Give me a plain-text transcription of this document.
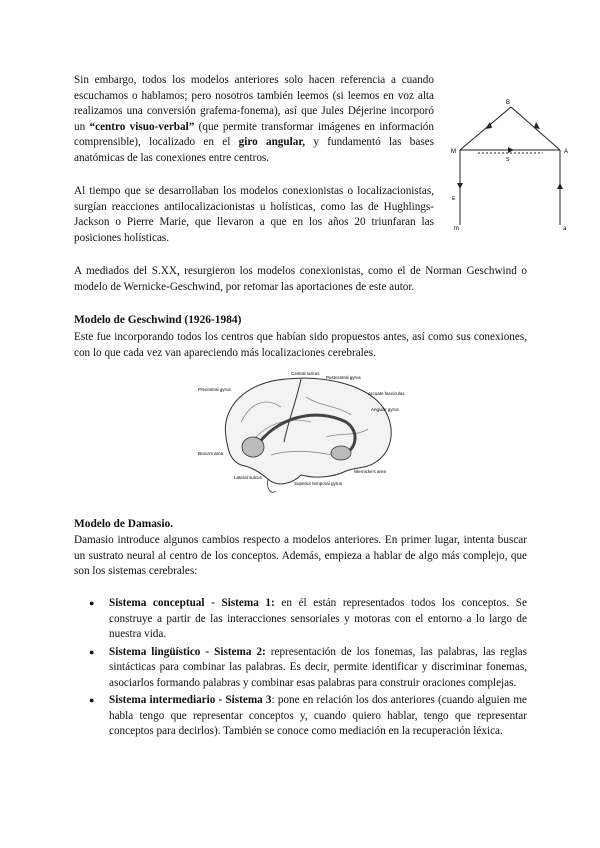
Sin embargo, todos los modelos anteriores solo hacen referencia a cuando escuchamos o hablamos; pero nosotros también leemos (si leemos en voz alta realizamos una conversión grafema-fonema), así que Jules Déjerine incorporó un “centro visuo-verbal” (que permite transformar imágenes en información comprensible), localizado en el giro angular, y fundamentó las bases anatómicas de las conexiones entre centros.
Al tiempo que se desarrollaban los modelos conexionistas o localizacionistas, surgían reacciones antilocalizacionistas u holísticas, como las de Hughlings-Jackson o Pierre Marie, que llevaron a que en los años 20 triunfaran las posiciones holísticas.
B
M	A
a
m
S
E
A mediados del S.XX, resurgieron los modelos conexionistas, como el de Norman Geschwind o modelo de Wernicke-Geschwind, por retomar las aportaciones de este autor.
Modelo de Geschwind (1926-1984)
Este fue incorporando todos los centros que habían sido propuestos antes, así como sus conexiones, con lo que cada vez van apareciendo más localizaciones cerebrales.
Central sulcus
Postcentral gyrus
Precentral gyrus
Arcuate fasciculus
Angular gyrus
Broca's area
Lateral sulcus
Superior temporal gyrus
Wernicke's area
Modelo de Damasio.
Damasio introduce algunos cambios respecto a modelos anteriores. En primer lugar, intenta buscar un sustrato neural al centro de los conceptos. Además, empieza a hablar de algo más complejo, que son los sistemas cerebrales:
● Sistema conceptual - Sistema 1: en él están representados todos los conceptos. Se construye a partir de las interacciones sensoriales y motoras con el entorno a lo largo de nuestra vida.
● Sistema lingüístico - Sistema 2: representación de los fonemas, las palabras, las reglas sintácticas para combinar las palabras. Es decir, permite identificar y discriminar fonemas, asociarlos formando palabras y combinar esas palabras para construir oraciones complejas.
● Sistema intermediario - Sistema 3: pone en relación los dos anteriores (cuando alguien me habla tengo que representar conceptos y, cuando quiero hablar, tengo que representar conceptos para decirlos). También se conoce como mediación en la recuperación léxica.
